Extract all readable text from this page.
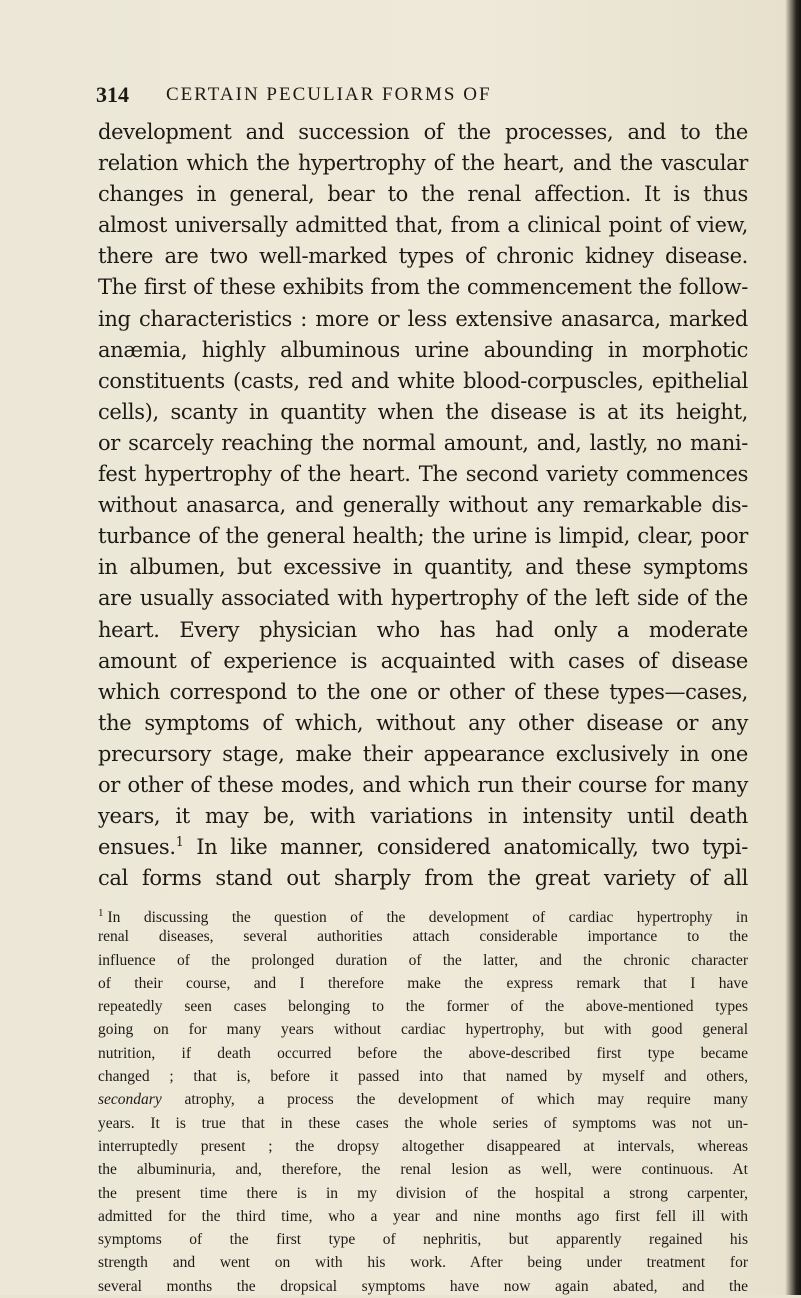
314 CERTAIN PECULIAR FORMS OF
development and succession of the processes, and to the
relation which the hypertrophy of the heart, and the vascular
changes in general, bear to the renal affection. It is thus
almost universally admitted that, from a clinical point of view,
there are two well-marked types of chronic kidney disease.
The first of these exhibits from the commencement the follow-
ing characteristics : more or less extensive anasarca, marked
anæmia, highly albuminous urine abounding in morphotic
constituents (casts, red and white blood-corpuscles, epithelial
cells), scanty in quantity when the disease is at its height,
or scarcely reaching the normal amount, and, lastly, no mani-
fest hypertrophy of the heart. The second variety commences
without anasarca, and generally without any remarkable dis-
turbance of the general health; the urine is limpid, clear, poor
in albumen, but excessive in quantity, and these symptoms
are usually associated with hypertrophy of the left side of the
heart. Every physician who has had only a moderate
amount of experience is acquainted with cases of disease
which correspond to the one or other of these types—cases,
the symptoms of which, without any other disease or any
precursory stage, make their appearance exclusively in one
or other of these modes, and which run their course for many
years, it may be, with variations in intensity until death
ensues.$^1$ In like manner, considered anatomically, two typi-
cal forms stand out sharply from the great variety of all
$^1$ In discussing the question of the development of cardiac hypertrophy in
renal diseases, several authorities attach considerable importance to the
influence of the prolonged duration of the latter, and the chronic character
of their course, and I therefore make the express remark that I have
repeatedly seen cases belonging to the former of the above-mentioned types
going on for many years without cardiac hypertrophy, but with good general
nutrition, if death occurred before the above-described first type became
changed ; that is, before it passed into that named by myself and others,
secondary atrophy, a process the development of which may require many
years. It is true that in these cases the whole series of symptoms was not un-
interruptedly present ; the dropsy altogether disappeared at intervals, whereas
the albuminuria, and, therefore, the renal lesion as well, were continuous. At
the present time there is in my division of the hospital a strong carpenter,
admitted for the third time, who a year and nine months ago first fell ill with
symptoms of the first type of nephritis, but apparently regained his
strength and went on with his work. After being under treatment for
several months the dropsical symptoms have now again abated, and the
